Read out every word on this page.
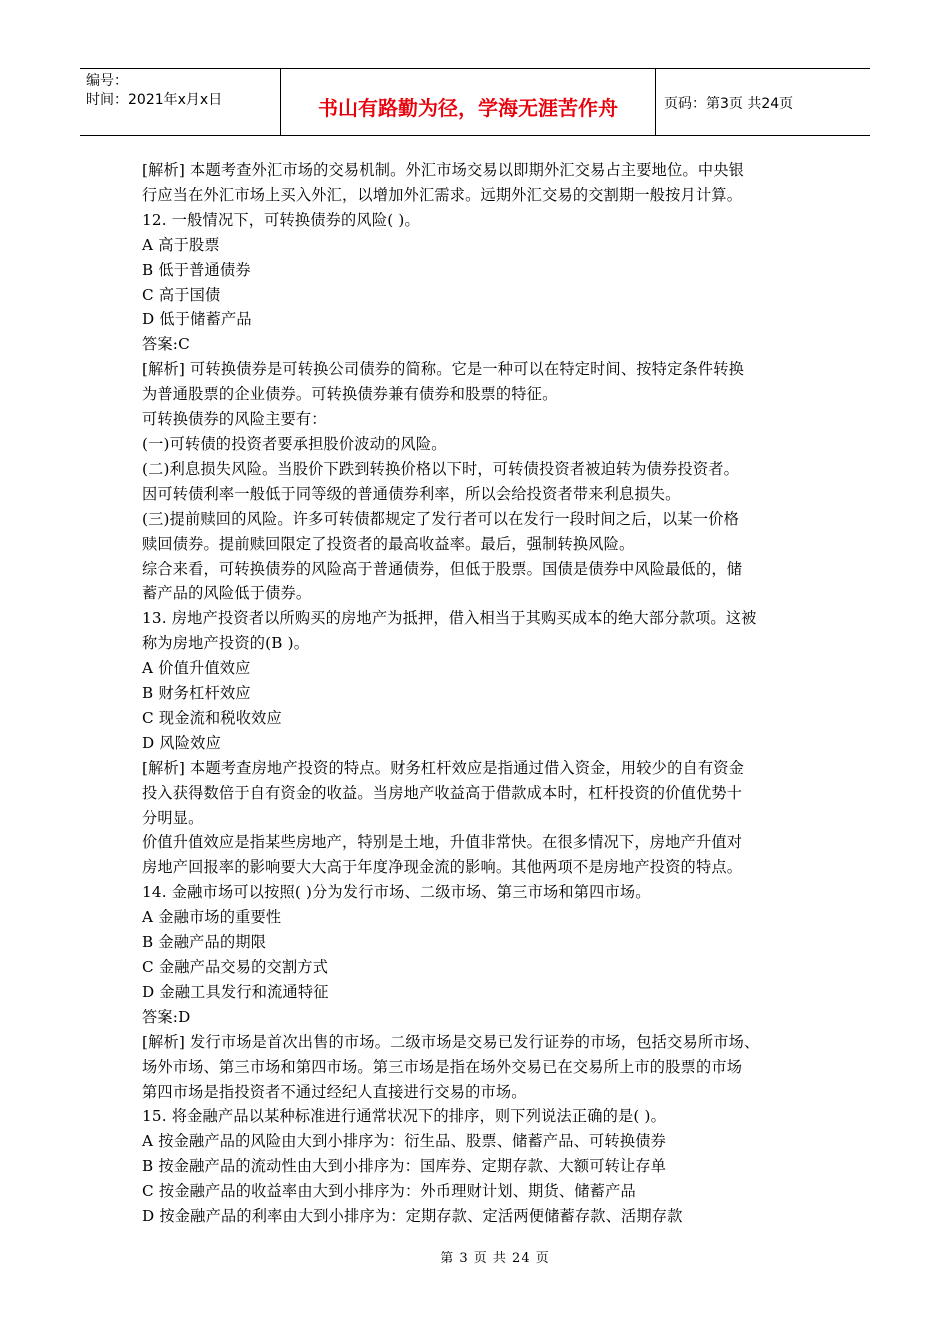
编号：
时间：2021年x月x日	书山有路勤为径，学海无涯苦作舟	页码：第3页 共24页

[解析] 本题考查外汇市场的交易机制。外汇市场交易以即期外汇交易占主要地位。中央银

行应当在外汇市场上买入外汇，以增加外汇需求。远期外汇交易的交割期一般按月计算。

12. 一般情况下，可转换债券的风险( )。

A 高于股票

B 低于普通债券

C 高于国债

D 低于储蓄产品

答案:C

[解析] 可转换债券是可转换公司债券的简称。它是一种可以在特定时间、按特定条件转换

为普通股票的企业债券。可转换债券兼有债券和股票的特征。

可转换债券的风险主要有：

(一)可转债的投资者要承担股价波动的风险。

(二)利息损失风险。当股价下跌到转换价格以下时，可转债投资者被迫转为债券投资者。

因可转债利率一般低于同等级的普通债券利率，所以会给投资者带来利息损失。

(三)提前赎回的风险。许多可转债都规定了发行者可以在发行一段时间之后，以某一价格

赎回债券。提前赎回限定了投资者的最高收益率。最后，强制转换风险。

综合来看，可转换债券的风险高于普通债券，但低于股票。国债是债券中风险最低的，储

蓄产品的风险低于债券。

13. 房地产投资者以所购买的房地产为抵押，借入相当于其购买成本的绝大部分款项。这被

称为房地产投资的(B )。

A 价值升值效应

B 财务杠杆效应

C 现金流和税收效应

D 风险效应

[解析] 本题考查房地产投资的特点。财务杠杆效应是指通过借入资金，用较少的自有资金

投入获得数倍于自有资金的收益。当房地产收益高于借款成本时，杠杆投资的价值优势十

分明显。

价值升值效应是指某些房地产，特别是土地，升值非常快。在很多情况下，房地产升值对

房地产回报率的影响要大大高于年度净现金流的影响。其他两项不是房地产投资的特点。

14. 金融市场可以按照( )分为发行市场、二级市场、第三市场和第四市场。

A 金融市场的重要性

B 金融产品的期限

C 金融产品交易的交割方式

D 金融工具发行和流通特征

答案:D

[解析] 发行市场是首次出售的市场。二级市场是交易已发行证券的市场，包括交易所市场、

场外市场、第三市场和第四市场。第三市场是指在场外交易已在交易所上市的股票的市场

第四市场是指投资者不通过经纪人直接进行交易的市场。

15. 将金融产品以某种标准进行通常状况下的排序，则下列说法正确的是( )。

A 按金融产品的风险由大到小排序为：衍生品、股票、储蓄产品、可转换债券

B 按金融产品的流动性由大到小排序为：国库券、定期存款、大额可转让存单

C 按金融产品的收益率由大到小排序为：外币理财计划、期货、储蓄产品

D 按金融产品的利率由大到小排序为：定期存款、定活两便储蓄存款、活期存款

第 3 页 共 24 页
